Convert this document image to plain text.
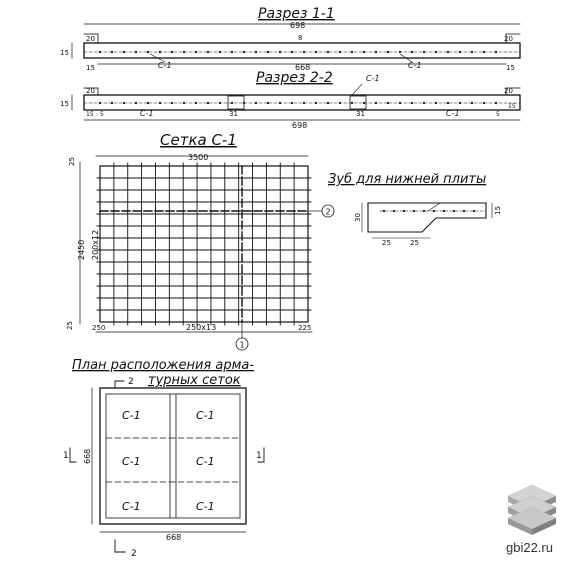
Разрез 1-1
698
15
20
15
8
668
20
15
С-1	С-1
Разрез 2-2	С-1
15
20
15 5	С-1	31	31	С-1
20
5
15
698
Сетка С-1
3500
25
2450 200x12
25	250	250x13	225
1
2
Зуб для нижней плиты
30
15
25	25
План расположения арма-
турных сеток
2
С-1	С-1
С-1	С-1
С-1	С-1
668
1	1
668
2	gbi22.ru
